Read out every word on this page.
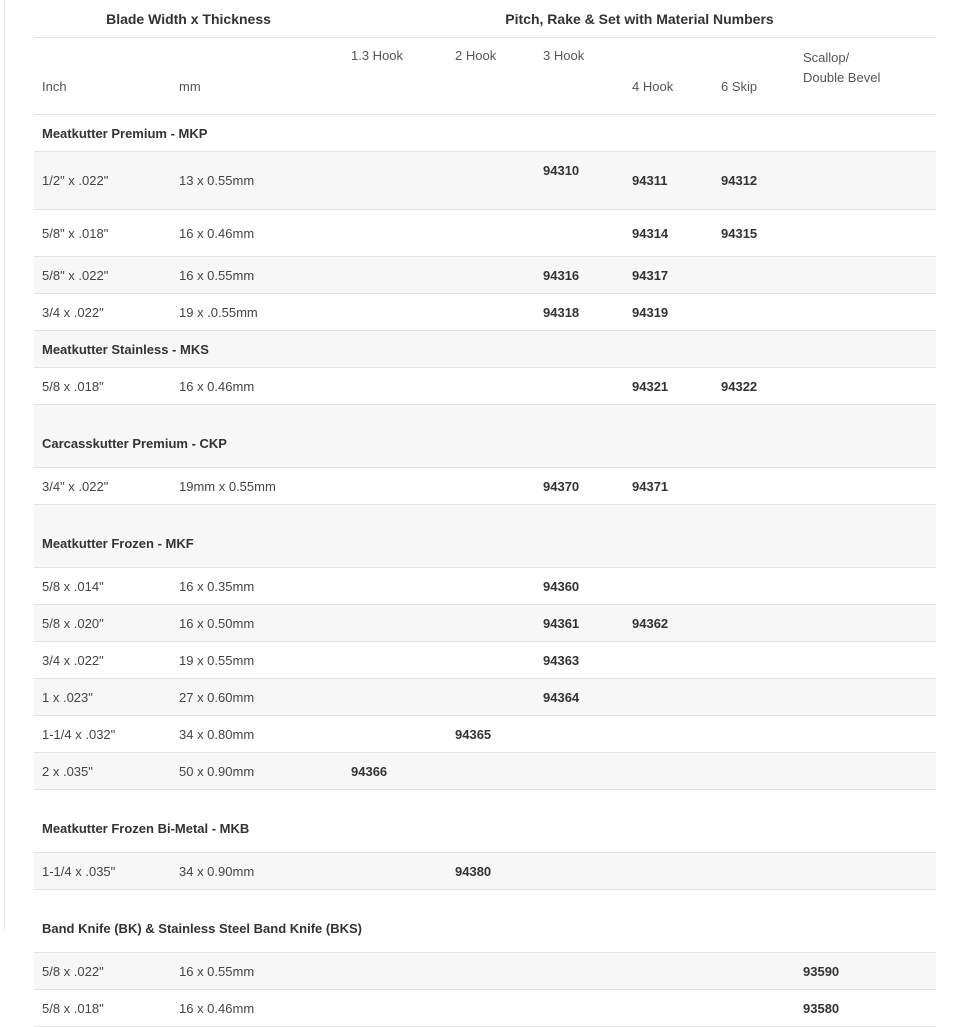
Blade Width x Thickness		Pitch, Rake & Set with Material Numbers					
Inch	mm	1.3 Hook	2 Hook	3 Hook	4 Hook	6 Skip	Scallop/
Double Bevel
Meatkutter Premium - MKP							
1/2" x .022"	13 x 0.55mm			94310	94311	94312	
5/8" x .018"	16 x 0.46mm				94314	94315	
5/8" x .022"	16 x 0.55mm			94316	94317		
3/4 x .022"	19 x .0.55mm			94318	94319		
Meatkutter Stainless - MKS							
5/8 x .018"	16 x 0.46mm				94321	94322	
Carcasskutter Premium - CKP							
3/4" x .022"	19mm x 0.55mm			94370	94371		
Meatkutter Frozen - MKF							
5/8 x .014"	16 x 0.35mm			94360			
5/8 x .020"	16 x 0.50mm			94361	94362		
3/4 x .022"	19 x 0.55mm			94363			
1 x .023"	27 x 0.60mm			94364			
1-1/4 x .032"	34 x 0.80mm		94365				
2 x .035"	50 x 0.90mm	94366					
Meatkutter Frozen Bi-Metal - MKB							
1-1/4 x .035"	34 x 0.90mm		94380				
Band Knife (BK) & Stainless Steel Band Knife (BKS)							
5/8 x .022"	16 x 0.55mm						93590
5/8 x .018"	16 x 0.46mm						93580
